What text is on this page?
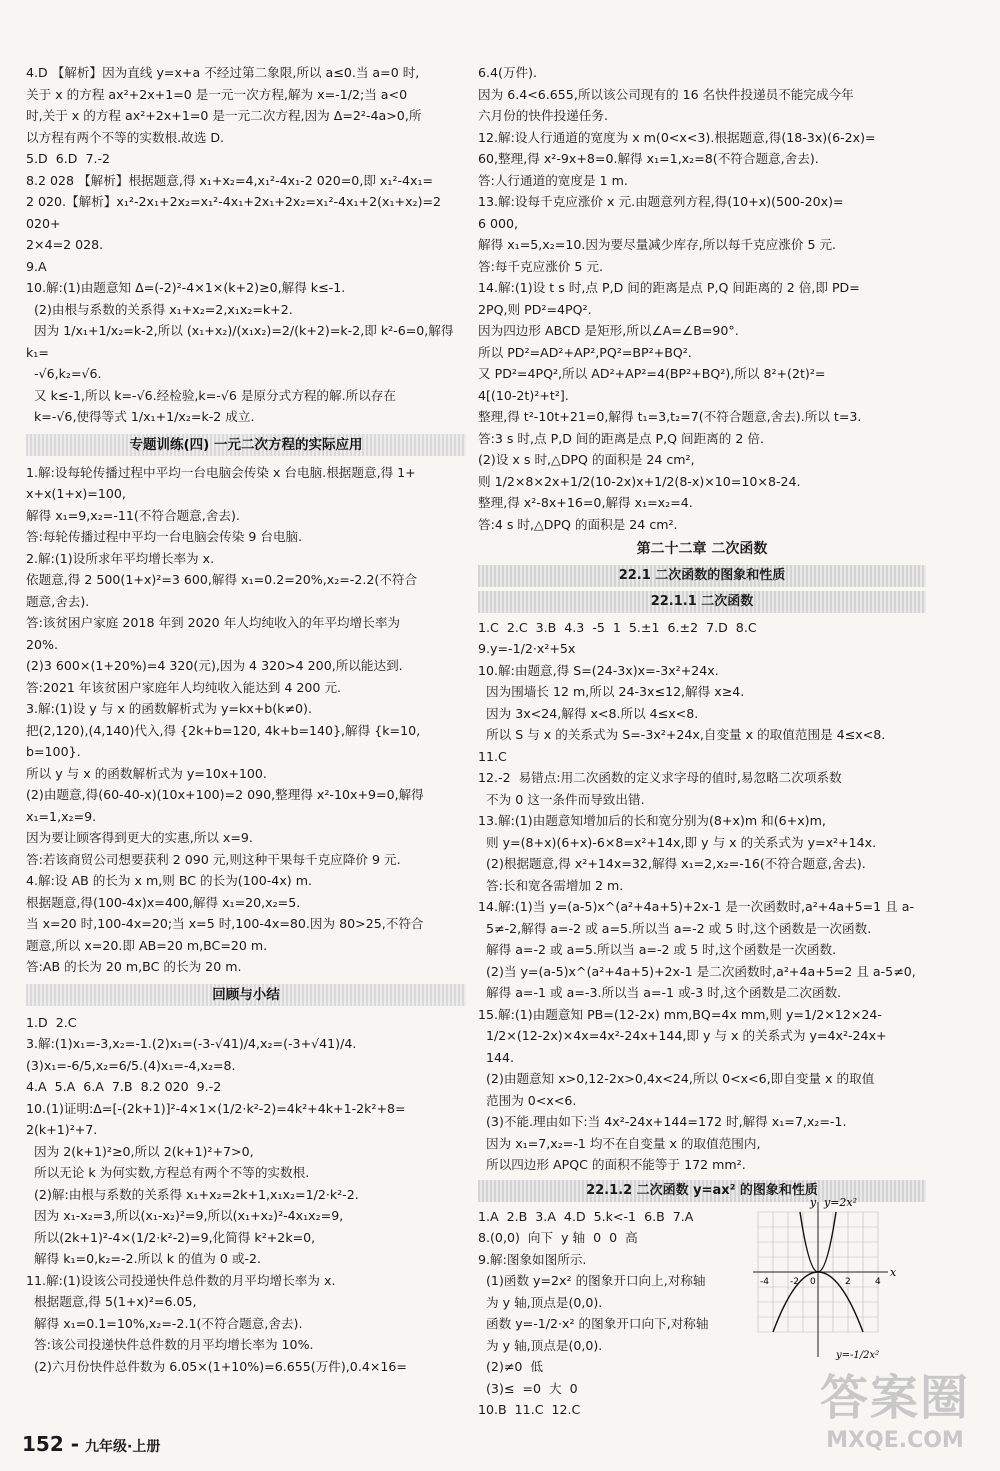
4.D 【解析】因为直线 y=x+a 不经过第二象限,所以 a≤0.当 a=0 时,
关于 x 的方程 ax²+2x+1=0 是一元一次方程,解为 x=-1/2;当 a<0
时,关于 x 的方程 ax²+2x+1=0 是一元二次方程,因为 Δ=2²-4a>0,所
以方程有两个不等的实数根.故选 D.
5.D  6.D  7.-2
8.2 028 【解析】根据题意,得 x₁+x₂=4,x₁²-4x₁-2 020=0,即 x₁²-4x₁=
2 020.【解析】x₁²-2x₁+2x₂=x₁²-4x₁+2x₁+2x₂=x₁²-4x₁+2(x₁+x₂)=2 020+
2×4=2 028.
9.A
10.解:(1)由题意知 Δ=(-2)²-4×1×(k+2)≥0,解得 k≤-1.
(2)由根与系数的关系得 x₁+x₂=2,x₁x₂=k+2.
因为 1/x₁+1/x₂=k-2,所以 (x₁+x₂)/(x₁x₂)=2/(k+2)=k-2,即 k²-6=0,解得 k₁=
-√6,k₂=√6.
又 k≤-1,所以 k=-√6.经检验,k=-√6 是原分式方程的解.所以存在
k=-√6,使得等式 1/x₁+1/x₂=k-2 成立.
专题训练(四) 一元二次方程的实际应用
1.解:设每轮传播过程中平均一台电脑会传染 x 台电脑.根据题意,得 1+
x+x(1+x)=100,
解得 x₁=9,x₂=-11(不符合题意,舍去).
答:每轮传播过程中平均一台电脑会传染 9 台电脑.
2.解:(1)设所求年平均增长率为 x.
依题意,得 2 500(1+x)²=3 600,解得 x₁=0.2=20%,x₂=-2.2(不符合
题意,舍去).
答:该贫困户家庭 2018 年到 2020 年人均纯收入的年平均增长率为
20%.
(2)3 600×(1+20%)=4 320(元),因为 4 320>4 200,所以能达到.
答:2021 年该贫困户家庭年人均纯收入能达到 4 200 元.
3.解:(1)设 y 与 x 的函数解析式为 y=kx+b(k≠0).
把(2,120),(4,140)代入,得 {2k+b=120, 4k+b=140},解得 {k=10, b=100}.
所以 y 与 x 的函数解析式为 y=10x+100.
(2)由题意,得(60-40-x)(10x+100)=2 090,整理得 x²-10x+9=0,解得
x₁=1,x₂=9.
因为要让顾客得到更大的实惠,所以 x=9.
答:若该商贸公司想要获利 2 090 元,则这种干果每千克应降价 9 元.
4.解:设 AB 的长为 x m,则 BC 的长为(100-4x) m.
根据题意,得(100-4x)x=400,解得 x₁=20,x₂=5.
当 x=20 时,100-4x=20;当 x=5 时,100-4x=80.因为 80>25,不符合
题意,所以 x=20.即 AB=20 m,BC=20 m.
答:AB 的长为 20 m,BC 的长为 20 m.
回顾与小结
1.D  2.C
3.解:(1)x₁=-3,x₂=-1.(2)x₁=(-3-√41)/4,x₂=(-3+√41)/4.
(3)x₁=-6/5,x₂=6/5.(4)x₁=-4,x₂=8.
4.A  5.A  6.A  7.B  8.2 020  9.-2
10.(1)证明:Δ=[-(2k+1)]²-4×1×(1/2·k²-2)=4k²+4k+1-2k²+8=
2(k+1)²+7.
因为 2(k+1)²≥0,所以 2(k+1)²+7>0,
所以无论 k 为何实数,方程总有两个不等的实数根.
(2)解:由根与系数的关系得 x₁+x₂=2k+1,x₁x₂=1/2·k²-2.
因为 x₁-x₂=3,所以(x₁-x₂)²=9,所以(x₁+x₂)²-4x₁x₂=9,
所以(2k+1)²-4×(1/2·k²-2)=9,化简得 k²+2k=0,
解得 k₁=0,k₂=-2.所以 k 的值为 0 或-2.
11.解:(1)设该公司投递快件总件数的月平均增长率为 x.
根据题意,得 5(1+x)²=6.05,
解得 x₁=0.1=10%,x₂=-2.1(不符合题意,舍去).
答:该公司投递快件总件数的月平均增长率为 10%.
(2)六月份快件总件数为 6.05×(1+10%)=6.655(万件),0.4×16=
6.4(万件).
因为 6.4<6.655,所以该公司现有的 16 名快件投递员不能完成今年
六月份的快件投递任务.
12.解:设人行通道的宽度为 x m(0<x<3).根据题意,得(18-3x)(6-2x)=
60,整理,得 x²-9x+8=0.解得 x₁=1,x₂=8(不符合题意,舍去).
答:人行通道的宽度是 1 m.
13.解:设每千克应涨价 x 元.由题意列方程,得(10+x)(500-20x)=
6 000,
解得 x₁=5,x₂=10.因为要尽量减少库存,所以每千克应涨价 5 元.
答:每千克应涨价 5 元.
14.解:(1)设 t s 时,点 P,D 间的距离是点 P,Q 间距离的 2 倍,即 PD=
2PQ,则 PD²=4PQ².
因为四边形 ABCD 是矩形,所以∠A=∠B=90°.
所以 PD²=AD²+AP²,PQ²=BP²+BQ².
又 PD²=4PQ²,所以 AD²+AP²=4(BP²+BQ²),所以 8²+(2t)²=
4[(10-2t)²+t²].
整理,得 t²-10t+21=0,解得 t₁=3,t₂=7(不符合题意,舍去).所以 t=3.
答:3 s 时,点 P,D 间的距离是点 P,Q 间距离的 2 倍.
(2)设 x s 时,△DPQ 的面积是 24 cm²,
则 1/2×8×2x+1/2(10-2x)x+1/2(8-x)×10=10×8-24.
整理,得 x²-8x+16=0,解得 x₁=x₂=4.
答:4 s 时,△DPQ 的面积是 24 cm².
第二十二章 二次函数
22.1 二次函数的图象和性质
22.1.1 二次函数
1.C  2.C  3.B  4.3  -5  1  5.±1  6.±2  7.D  8.C
9.y=-1/2·x²+5x
10.解:由题意,得 S=(24-3x)x=-3x²+24x.
因为围墙长 12 m,所以 24-3x≤12,解得 x≥4.
因为 3x<24,解得 x<8.所以 4≤x<8.
所以 S 与 x 的关系式为 S=-3x²+24x,自变量 x 的取值范围是 4≤x<8.
11.C
12.-2  易错点:用二次函数的定义求字母的值时,易忽略二次项系数
不为 0 这一条件而导致出错.
13.解:(1)由题意知增加后的长和宽分别为(8+x)m 和(6+x)m,
则 y=(8+x)(6+x)-6×8=x²+14x,即 y 与 x 的关系式为 y=x²+14x.
(2)根据题意,得 x²+14x=32,解得 x₁=2,x₂=-16(不符合题意,舍去).
答:长和宽各需增加 2 m.
14.解:(1)当 y=(a-5)x^(a²+4a+5)+2x-1 是一次函数时,a²+4a+5=1 且 a-
5≠-2,解得 a=-2 或 a=5.所以当 a=-2 或 5 时,这个函数是一次函数.
解得 a=-2 或 a=5.所以当 a=-2 或 5 时,这个函数是一次函数.
(2)当 y=(a-5)x^(a²+4a+5)+2x-1 是二次函数时,a²+4a+5=2 且 a-5≠0,
解得 a=-1 或 a=-3.所以当 a=-1 或-3 时,这个函数是二次函数.
15.解:(1)由题意知 PB=(12-2x) mm,BQ=4x mm,则 y=1/2×12×24-
1/2×(12-2x)×4x=4x²-24x+144,即 y 与 x 的关系式为 y=4x²-24x+
144.
(2)由题意知 x>0,12-2x>0,4x<24,所以 0<x<6,即自变量 x 的取值
范围为 0<x<6.
(3)不能.理由如下:当 4x²-24x+144=172 时,解得 x₁=7,x₂=-1.
因为 x₁=7,x₂=-1 均不在自变量 x 的取值范围内,
所以四边形 APQC 的面积不能等于 172 mm².
22.1.2 二次函数 y=ax² 的图象和性质
1.A  2.B  3.A  4.D  5.k<-1  6.B  7.A
8.(0,0)  向下  y 轴  0  0  高
9.解:图象如图所示.
(1)函数 y=2x² 的图象开口向上,对称轴
为 y 轴,顶点是(0,0).
函数 y=-1/2·x² 的图象开口向下,对称轴
为 y 轴,顶点是(0,0).
(2)≠0  低
(3)≤  =0  大  0
10.B  11.C  12.C
y=2x²
x
y
-4 -2 0	2	4
y=-1/2x²
152 - 九年级·上册
答案圈
MXQE.COM
